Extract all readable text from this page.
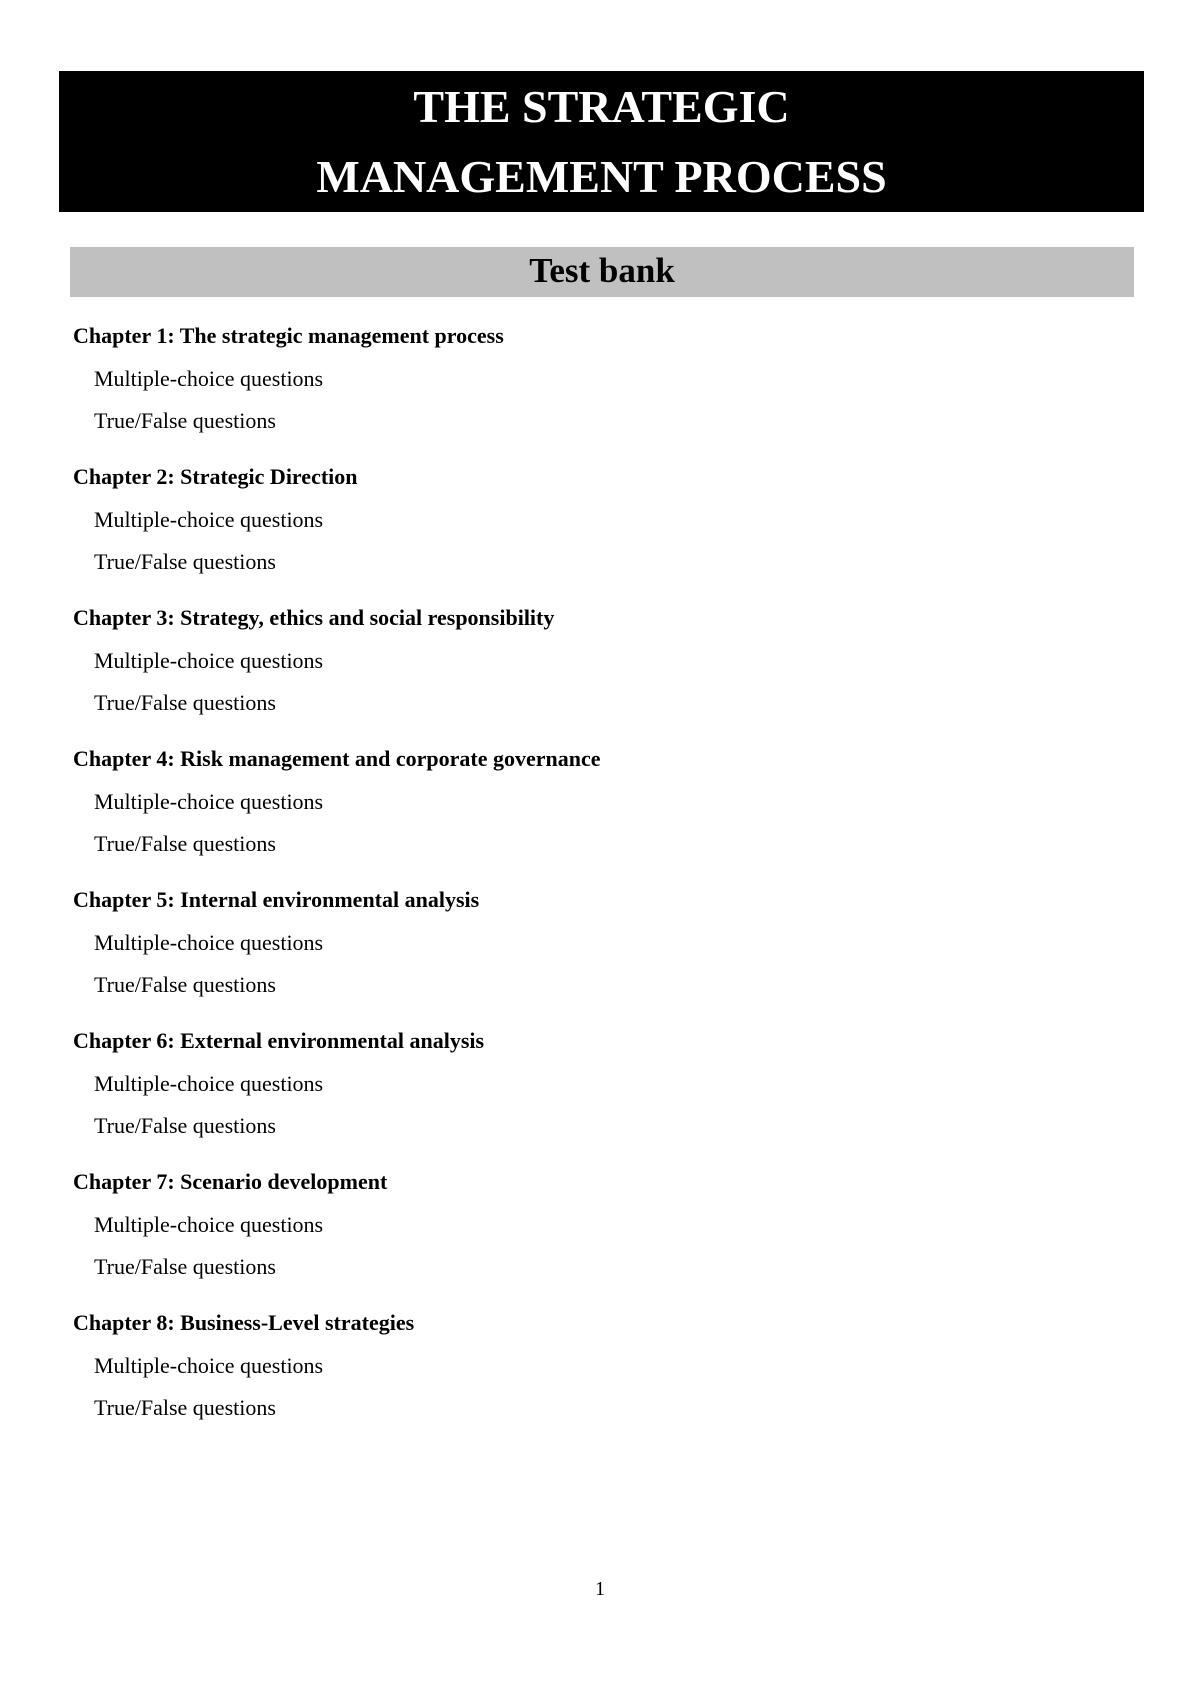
THE STRATEGIC
MANAGEMENT PROCESS
Test bank
Chapter 1: The strategic management process
Multiple-choice questions
True/False questions
Chapter 2: Strategic Direction
Multiple-choice questions
True/False questions
Chapter 3: Strategy, ethics and social responsibility
Multiple-choice questions
True/False questions
Chapter 4: Risk management and corporate governance
Multiple-choice questions
True/False questions
Chapter 5: Internal environmental analysis
Multiple-choice questions
True/False questions
Chapter 6: External environmental analysis
Multiple-choice questions
True/False questions
Chapter 7: Scenario development
Multiple-choice questions
True/False questions
Chapter 8: Business-Level strategies
Multiple-choice questions
True/False questions
1
